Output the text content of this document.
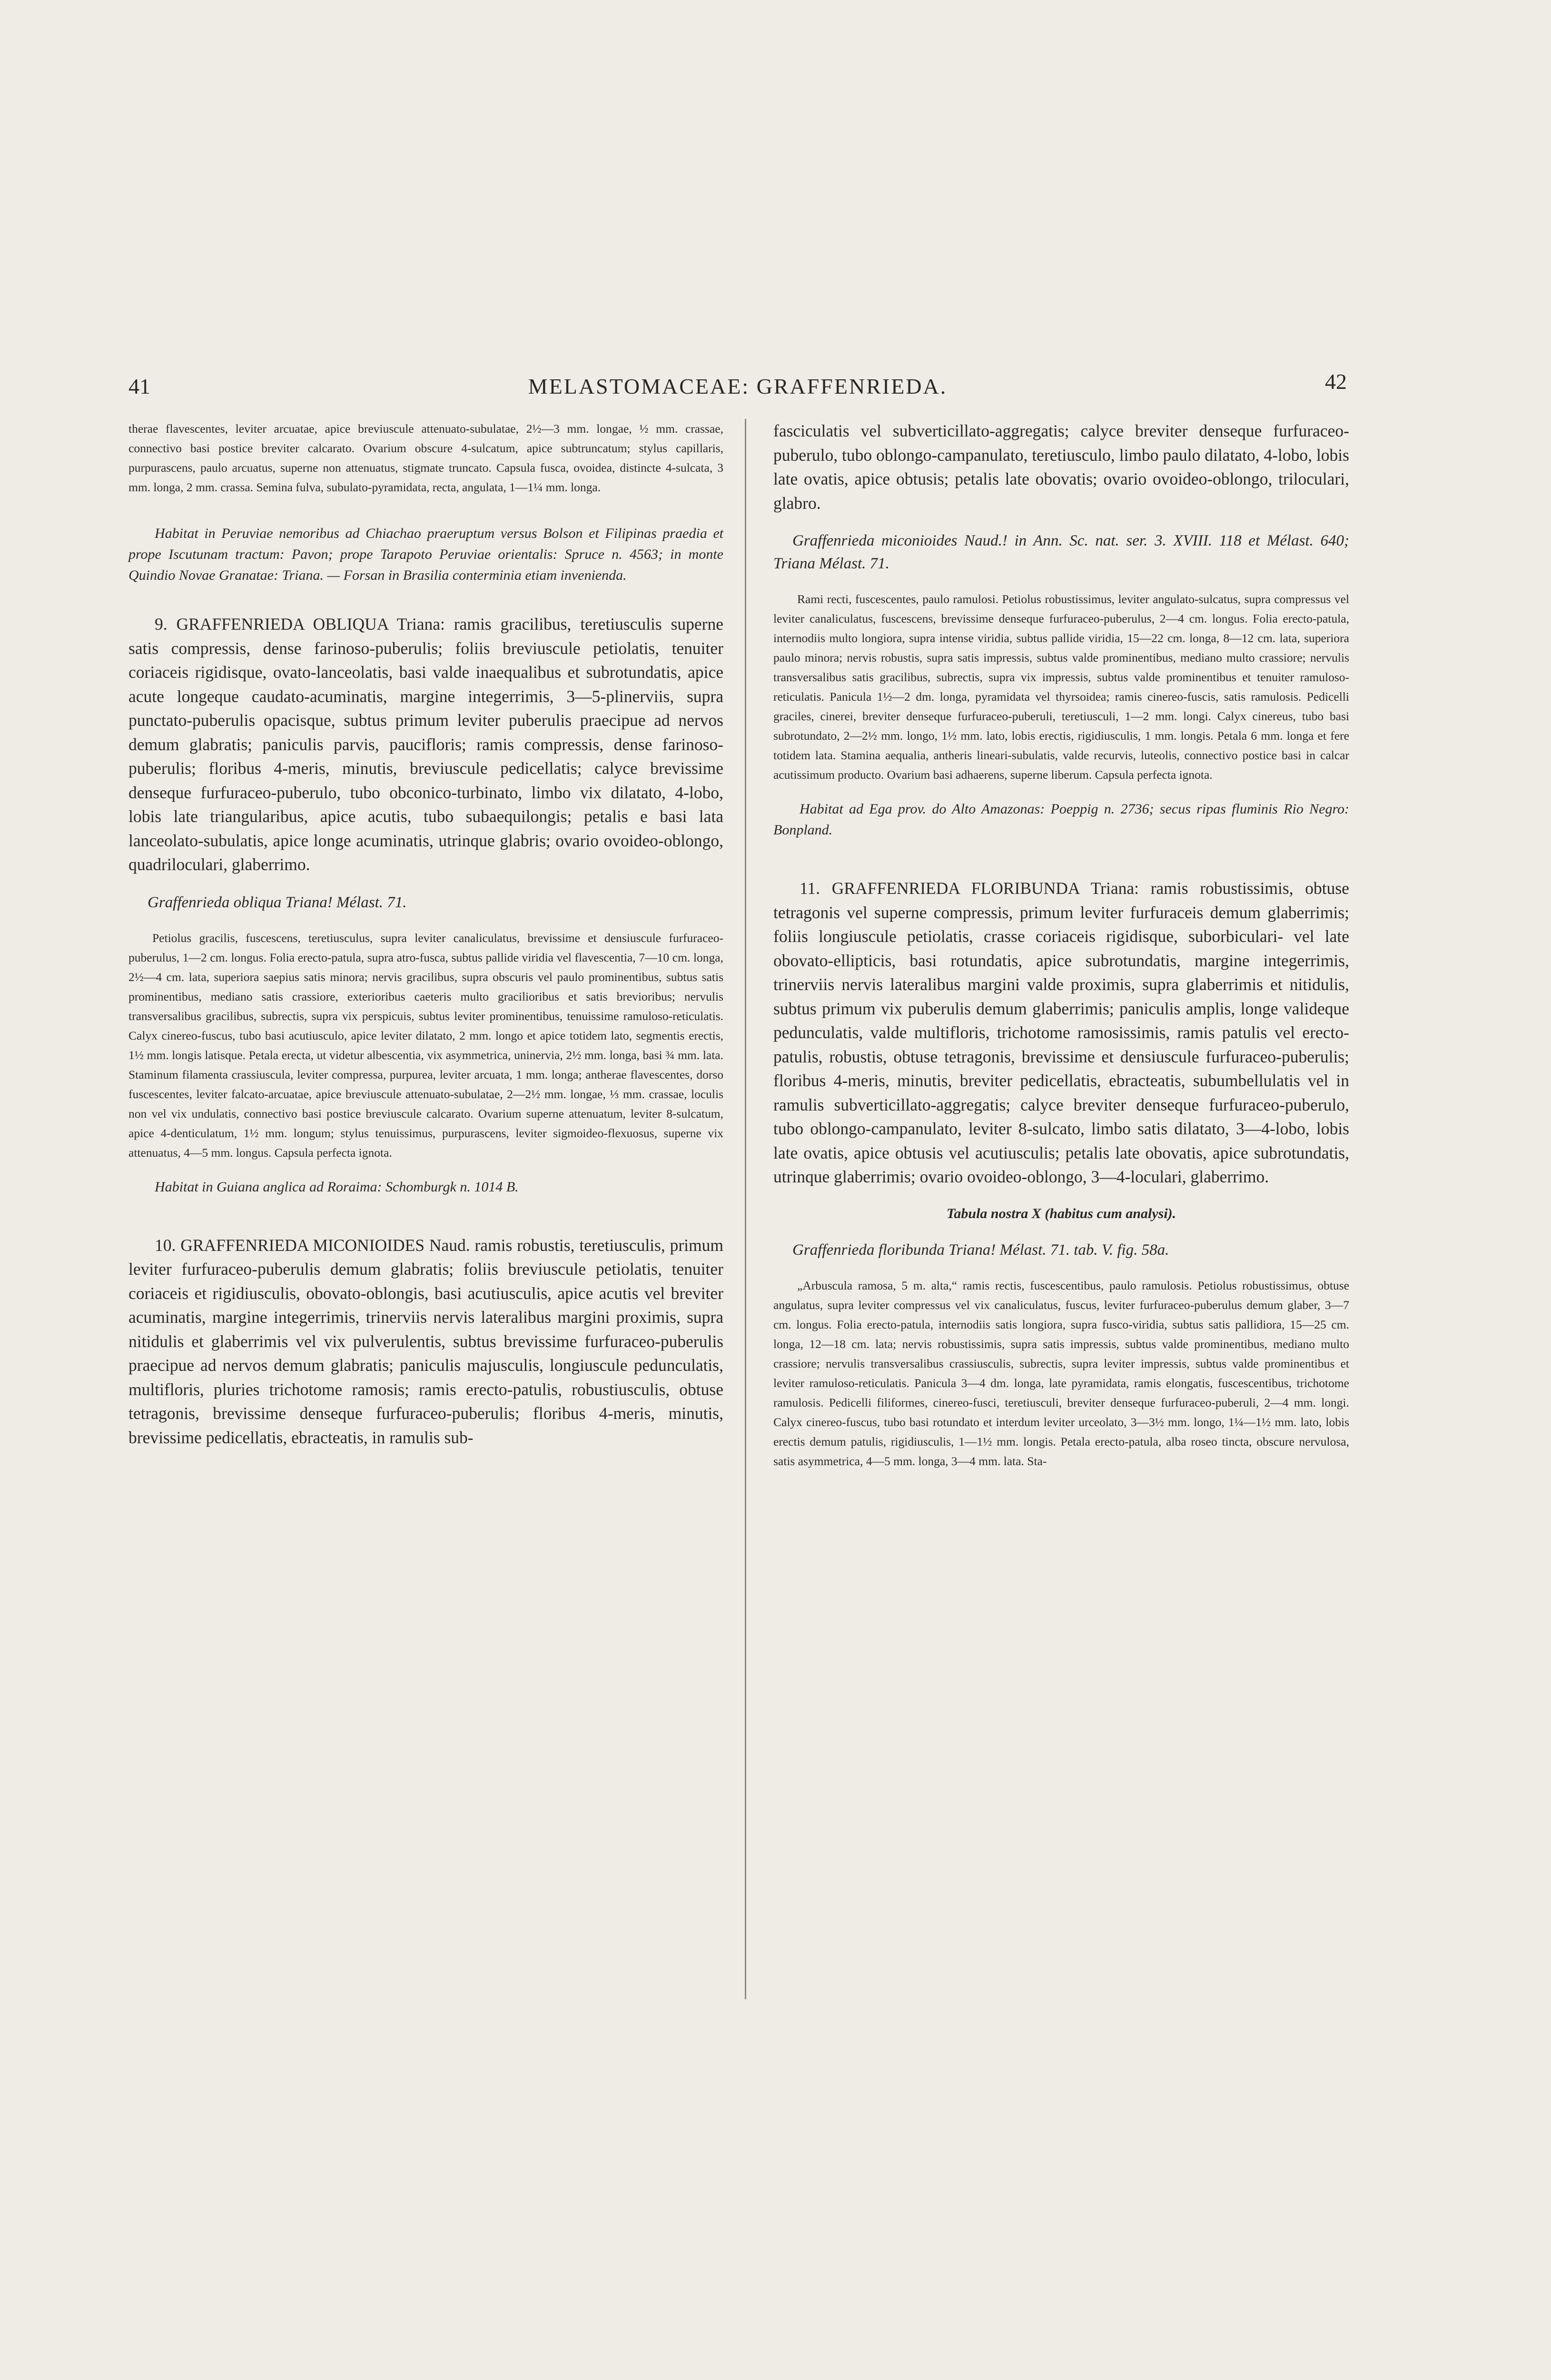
41	MELASTOMACEAE: GRAFFENRIEDA.	42

therae flavescentes, leviter arcuatae, apice breviuscule attenuato-subulatae, 2½—3 mm. longae, ½ mm. crassae, connectivo basi postice breviter calcarato. Ovarium obscure 4-sulcatum, apice subtruncatum; stylus capillaris, purpurascens, paulo arcuatus, superne non attenuatus, stigmate truncato. Capsula fusca, ovoidea, distincte 4-sulcata, 3 mm. longa, 2 mm. crassa. Semina fulva, subulato-pyramidata, recta, angulata, 1—1¼ mm. longa.

Habitat in Peruviae nemoribus ad Chiachao praeruptum versus Bolson et Filipinas praedia et prope Iscutunam tractum: Pavon; prope Tarapoto Peruviae orientalis: Spruce n. 4563; in monte Quindio Novae Granatae: Triana. — Forsan in Brasilia conterminia etiam invenienda.

9. GRAFFENRIEDA OBLIQUA Triana: ramis gracilibus, teretiusculis superne satis compressis, dense farinoso-puberulis; foliis breviuscule petiolatis, tenuiter coriaceis rigidisque, ovato-lanceolatis, basi valde inaequalibus et subrotundatis, apice acute longeque caudato-acuminatis, margine integerrimis, 3—5-plinerviis, supra punctato-puberulis opacisque, subtus primum leviter puberulis praecipue ad nervos demum glabratis; paniculis parvis, paucifloris; ramis compressis, dense farinoso-puberulis; floribus 4-meris, minutis, breviuscule pedicellatis; calyce brevissime denseque furfuraceo-puberulo, tubo obconico-turbinato, limbo vix dilatato, 4-lobo, lobis late triangularibus, apice acutis, tubo subaequilongis; petalis e basi lata lanceolato-subulatis, apice longe acuminatis, utrinque glabris; ovario ovoideo-oblongo, quadriloculari, glaberrimo.

Graffenrieda obliqua Triana! Mélast. 71.

Petiolus gracilis, fuscescens, teretiusculus, supra leviter canaliculatus, brevissime et densiuscule furfuraceo-puberulus, 1—2 cm. longus. Folia erecto-patula, supra atro-fusca, subtus pallide viridia vel flavescentia, 7—10 cm. longa, 2½—4 cm. lata, superiora saepius satis minora; nervis gracilibus, supra obscuris vel paulo prominentibus, subtus satis prominentibus, mediano satis crassiore, exterioribus caeteris multo gracilioribus et satis brevioribus; nervulis transversalibus gracilibus, subrectis, supra vix perspicuis, subtus leviter prominentibus, tenuissime ramuloso-reticulatis. Calyx cinereo-fuscus, tubo basi acutiusculo, apice leviter dilatato, 2 mm. longo et apice totidem lato, segmentis erectis, 1½ mm. longis latisque. Petala erecta, ut videtur albescentia, vix asymmetrica, uninervia, 2½ mm. longa, basi ¾ mm. lata. Staminum filamenta crassiuscula, leviter compressa, purpurea, leviter arcuata, 1 mm. longa; antherae flavescentes, dorso fuscescentes, leviter falcato-arcuatae, apice breviuscule attenuato-subulatae, 2—2½ mm. longae, ⅓ mm. crassae, loculis non vel vix undulatis, connectivo basi postice breviuscule calcarato. Ovarium superne attenuatum, leviter 8-sulcatum, apice 4-denticulatum, 1½ mm. longum; stylus tenuissimus, purpurascens, leviter sigmoideo-flexuosus, superne vix attenuatus, 4—5 mm. longus. Capsula perfecta ignota.

Habitat in Guiana anglica ad Roraima: Schomburgk n. 1014 B.

10. GRAFFENRIEDA MICONIOIDES Naud. ramis robustis, teretiusculis, primum leviter furfuraceo-puberulis demum glabratis; foliis breviuscule petiolatis, tenuiter coriaceis et rigidiusculis, obovato-oblongis, basi acutiusculis, apice acutis vel breviter acuminatis, margine integerrimis, trinerviis nervis lateralibus margini proximis, supra nitidulis et glaberrimis vel vix pulverulentis, subtus brevissime furfuraceo-puberulis praecipue ad nervos demum glabratis; paniculis majusculis, longiuscule pedunculatis, multifloris, pluries trichotome ramosis; ramis erecto-patulis, robustiusculis, obtuse tetragonis, brevissime denseque furfuraceo-puberulis; floribus 4-meris, minutis, brevissime pedicellatis, ebracteatis, in ramulis sub-

fasciculatis vel subverticillato-aggregatis; calyce breviter denseque furfuraceo-puberulo, tubo oblongo-campanulato, teretiusculo, limbo paulo dilatato, 4-lobo, lobis late ovatis, apice obtusis; petalis late obovatis; ovario ovoideo-oblongo, triloculari, glabro.

Graffenrieda miconioides Naud.! in Ann. Sc. nat. ser. 3. XVIII. 118 et Mélast. 640; Triana Mélast. 71.

Rami recti, fuscescentes, paulo ramulosi. Petiolus robustissimus, leviter angulato-sulcatus, supra compressus vel leviter canaliculatus, fuscescens, brevissime denseque furfuraceo-puberulus, 2—4 cm. longus. Folia erecto-patula, internodiis multo longiora, supra intense viridia, subtus pallide viridia, 15—22 cm. longa, 8—12 cm. lata, superiora paulo minora; nervis robustis, supra satis impressis, subtus valde prominentibus, mediano multo crassiore; nervulis transversalibus satis gracilibus, subrectis, supra vix impressis, subtus valde prominentibus et tenuiter ramuloso-reticulatis. Panicula 1½—2 dm. longa, pyramidata vel thyrsoidea; ramis cinereo-fuscis, satis ramulosis. Pedicelli graciles, cinerei, breviter denseque furfuraceo-puberuli, teretiusculi, 1—2 mm. longi. Calyx cinereus, tubo basi subrotundato, 2—2½ mm. longo, 1½ mm. lato, lobis erectis, rigidiusculis, 1 mm. longis. Petala 6 mm. longa et fere totidem lata. Stamina aequalia, antheris lineari-subulatis, valde recurvis, luteolis, connectivo postice basi in calcar acutissimum producto. Ovarium basi adhaerens, superne liberum. Capsula perfecta ignota.

Habitat ad Ega prov. do Alto Amazonas: Poeppig n. 2736; secus ripas fluminis Rio Negro: Bonpland.

11. GRAFFENRIEDA FLORIBUNDA Triana: ramis robustissimis, obtuse tetragonis vel superne compressis, primum leviter furfuraceis demum glaberrimis; foliis longiuscule petiolatis, crasse coriaceis rigidisque, suborbiculari- vel late obovato-ellipticis, basi rotundatis, apice subrotundatis, margine integerrimis, trinerviis nervis lateralibus margini valde proximis, supra glaberrimis et nitidulis, subtus primum vix puberulis demum glaberrimis; paniculis amplis, longe valideque pedunculatis, valde multifloris, trichotome ramosissimis, ramis patulis vel erecto-patulis, robustis, obtuse tetragonis, brevissime et densiuscule furfuraceo-puberulis; floribus 4-meris, minutis, breviter pedicellatis, ebracteatis, subumbellulatis vel in ramulis subverticillato-aggregatis; calyce breviter denseque furfuraceo-puberulo, tubo oblongo-campanulato, leviter 8-sulcato, limbo satis dilatato, 3—4-lobo, lobis late ovatis, apice obtusis vel acutiusculis; petalis late obovatis, apice subrotundatis, utrinque glaberrimis; ovario ovoideo-oblongo, 3—4-loculari, glaberrimo.

Tabula nostra X (habitus cum analysi).

Graffenrieda floribunda Triana! Mélast. 71. tab. V. fig. 58a.

„Arbuscula ramosa, 5 m. alta,“ ramis rectis, fuscescentibus, paulo ramulosis. Petiolus robustissimus, obtuse angulatus, supra leviter compressus vel vix canaliculatus, fuscus, leviter furfuraceo-puberulus demum glaber, 3—7 cm. longus. Folia erecto-patula, internodiis satis longiora, supra fusco-viridia, subtus satis pallidiora, 15—25 cm. longa, 12—18 cm. lata; nervis robustissimis, supra satis impressis, subtus valde prominentibus, mediano multo crassiore; nervulis transversalibus crassiusculis, subrectis, supra leviter impressis, subtus valde prominentibus et leviter ramuloso-reticulatis. Panicula 3—4 dm. longa, late pyramidata, ramis elongatis, fuscescentibus, trichotome ramulosis. Pedicelli filiformes, cinereo-fusci, teretiusculi, breviter denseque furfuraceo-puberuli, 2—4 mm. longi. Calyx cinereo-fuscus, tubo basi rotundato et interdum leviter urceolato, 3—3½ mm. longo, 1¼—1½ mm. lato, lobis erectis demum patulis, rigidiusculis, 1—1½ mm. longis. Petala erecto-patula, alba roseo tincta, obscure nervulosa, satis asymmetrica, 4—5 mm. longa, 3—4 mm. lata. Sta-
